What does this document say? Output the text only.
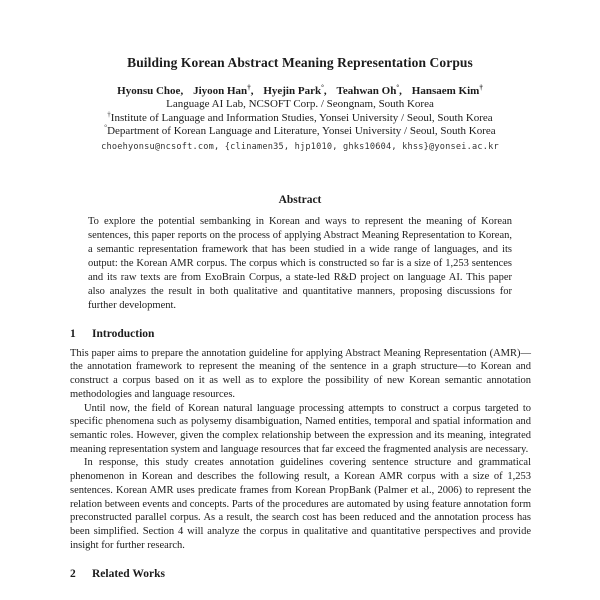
Building Korean Abstract Meaning Representation Corpus
Hyonsu Choe, Jiyoon Han†, Hyejin Park°, Teahwan Oh°, Hansaem Kim†
Language AI Lab, NCSOFT Corp. / Seongnam, South Korea
†Institute of Language and Information Studies, Yonsei University / Seoul, South Korea
°Department of Korean Language and Literature, Yonsei University / Seoul, South Korea
choehyonsu@ncsoft.com, {clinamen35, hjp1010, ghks10604, khss}@yonsei.ac.kr
Abstract
To explore the potential sembanking in Korean and ways to represent the meaning of Korean sentences, this paper reports on the process of applying Abstract Meaning Representation to Korean, a semantic representation framework that has been studied in a wide range of languages, and its output: the Korean AMR corpus. The corpus which is constructed so far is a size of 1,253 sentences and its raw texts are from ExoBrain Corpus, a state-led R&D project on language AI. This paper also analyzes the result in both qualitative and quantitative manners, proposing discussions for further development.
1 Introduction

This paper aims to prepare the annotation guideline for applying Abstract Meaning Representation (AMR)—the annotation framework to represent the meaning of the sentence in a graph structure—to Korean and construct a corpus based on it as well as to explore the possibility of new Korean semantic annotation methodologies and language resources.

Until now, the field of Korean natural language processing attempts to construct a corpus targeted to specific phenomena such as polysemy disambiguation, Named entities, temporal and spatial information and semantic roles. However, given the complex relationship between the expression and its meaning, integrated meaning representation system and language resources that far exceed the fragmented analysis are necessary.

In response, this study creates annotation guidelines covering sentence structure and grammatical phenomenon in Korean and describes the following result, a Korean AMR corpus with a size of 1,253 sentences. Korean AMR uses predicate frames from Korean PropBank (Palmer et al., 2006) to represent the relation between events and concepts. Parts of the procedures are automated by using feature annotation form preconstructed parallel corpus. As a result, the search cost has been reduced and the annotation process has been simplified. Section 4 will analyze the corpus in qualitative and quantitative perspectives and provide insight for further research.

2 Related Works
